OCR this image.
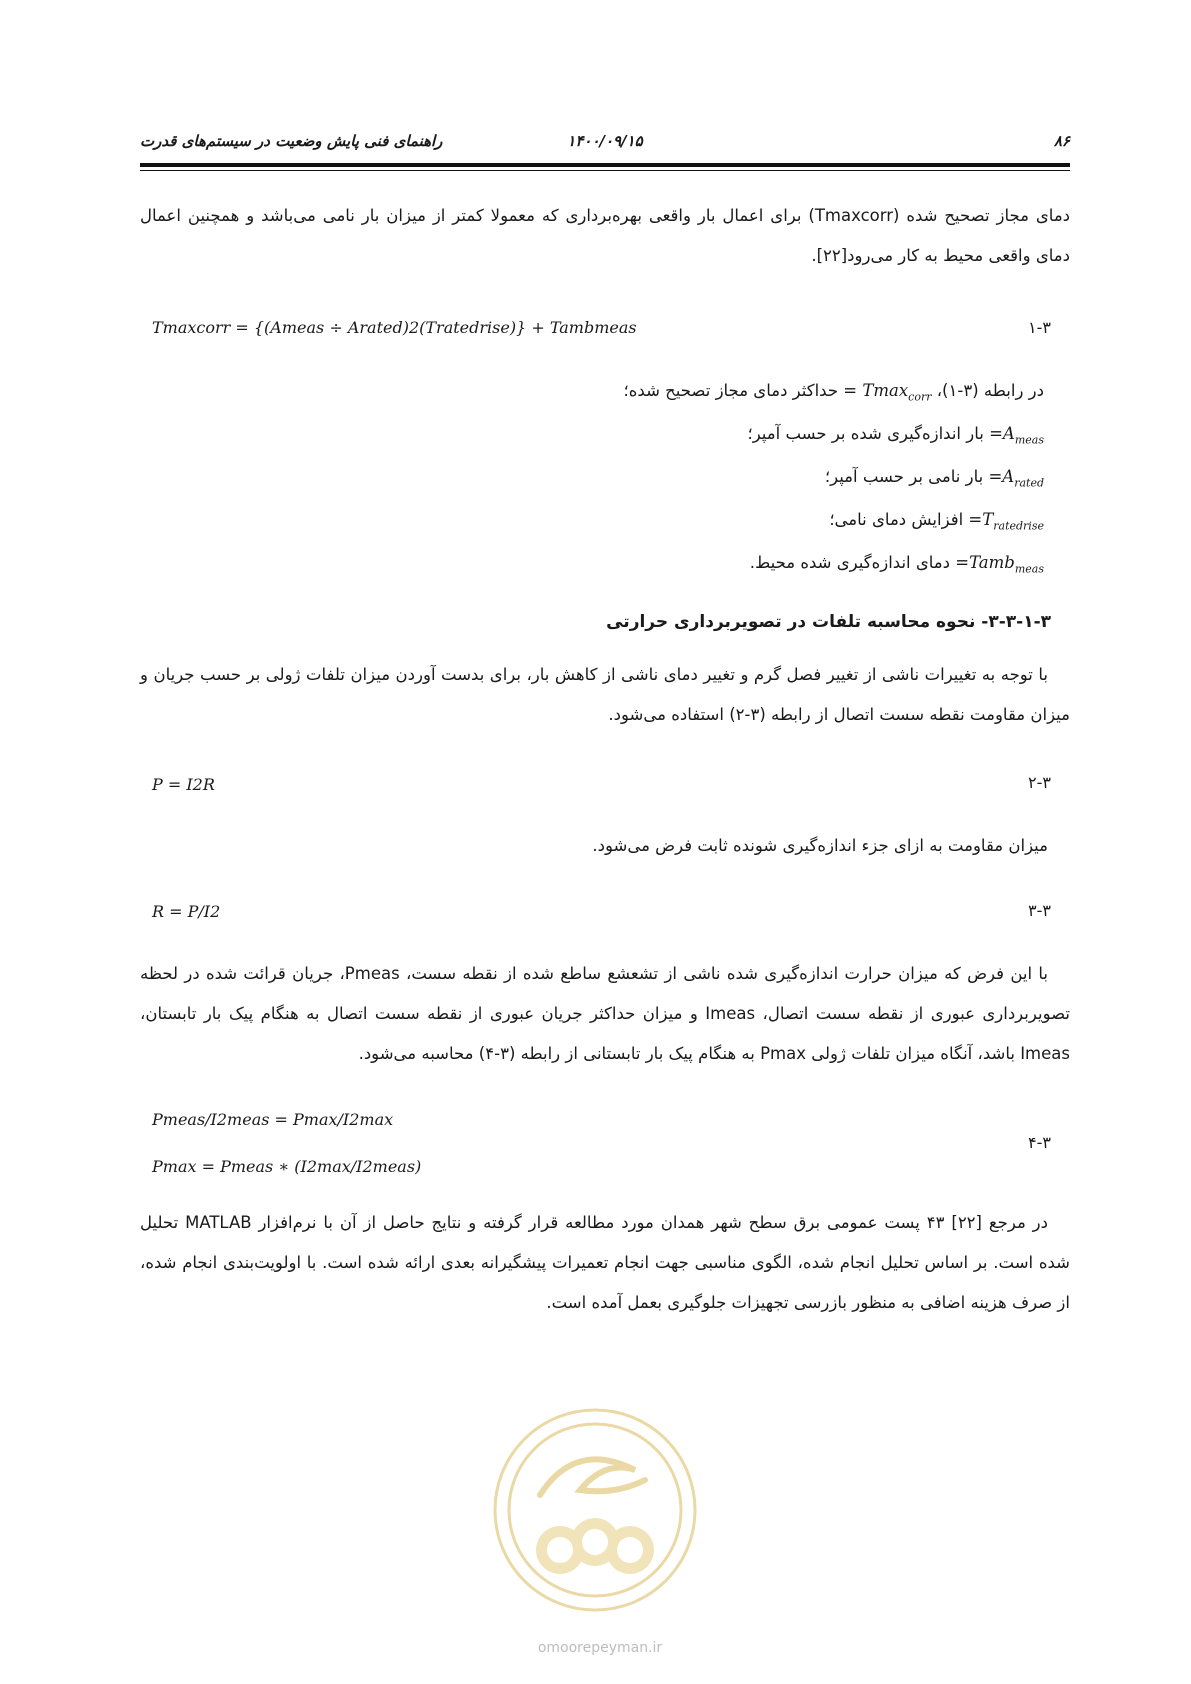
۸۶
۱۴۰۰/۰۹/۱۵
راهنمای فنی پایش وضعیت در سیستم‌های قدرت
دمای مجاز تصحیح شده (Tmaxcorr) برای اعمال بار واقعی بهره‌برداری که معمولا کمتر از میزان بار نامی می‌باشد و همچنین اعمال دمای واقعی محیط به کار می‌رود[۲۲].
Tmaxcorr = {(Ameas ÷ Arated)2(Tratedrise)} + Tambmeas	۱-۳
در رابطه (۳-۱)، Tmax$_{corr}$ = حداکثر دمای مجاز تصحیح شده؛
$A_{meas}=$ بار اندازه‌گیری شده بر حسب آمپر؛
$A_{rated}=$ بار نامی بر حسب آمپر؛
$T_{ratedrise}=$ افزایش دمای نامی؛
Tamb$_{meas}$= دمای اندازه‌گیری شده محیط.
۳-۳-۱-۳- نحوه محاسبه تلفات در تصویربرداری حرارتی
با توجه به تغییرات ناشی از تغییر فصل گرم و تغییر دمای ناشی از کاهش بار، برای بدست آوردن میزان تلفات ژولی بر حسب جریان و میزان مقاومت نقطه سست اتصال از رابطه (۳-۲) استفاده می‌شود.
P = I2R	۲-۳
میزان مقاومت به ازای جزء اندازه‌گیری شونده ثابت فرض می‌شود.
R = P/I2	۳-۳
با این فرض که میزان حرارت اندازه‌گیری شده ناشی از تشعشع ساطع شده از نقطه سست، Pmeas، جریان قرائت شده در لحظه تصویربرداری عبوری از نقطه سست اتصال، Imeas و میزان حداکثر جریان عبوری از نقطه سست اتصال به هنگام پیک بار تابستان، Imeas باشد، آنگاه میزان تلفات ژولی Pmax به هنگام پیک بار تابستانی از رابطه (۳-۴) محاسبه می‌شود.
Pmeas/I2meas = Pmax/I2max
Pmax = Pmeas ∗ (I2max/I2meas)
۴-۳
در مرجع [۲۲] ۴۳ پست عمومی برق سطح شهر همدان مورد مطالعه قرار گرفته و نتایج حاصل از آن با نرم‌افزار MATLAB تحلیل شده است. بر اساس تحلیل انجام شده، الگوی مناسبی جهت انجام تعمیرات پیشگیرانه بعدی ارائه شده است. با اولویت‌بندی انجام شده، از صرف هزینه اضافی به منظور بازرسی تجهیزات جلوگیری بعمل آمده است.
omoorepeyman.ir
